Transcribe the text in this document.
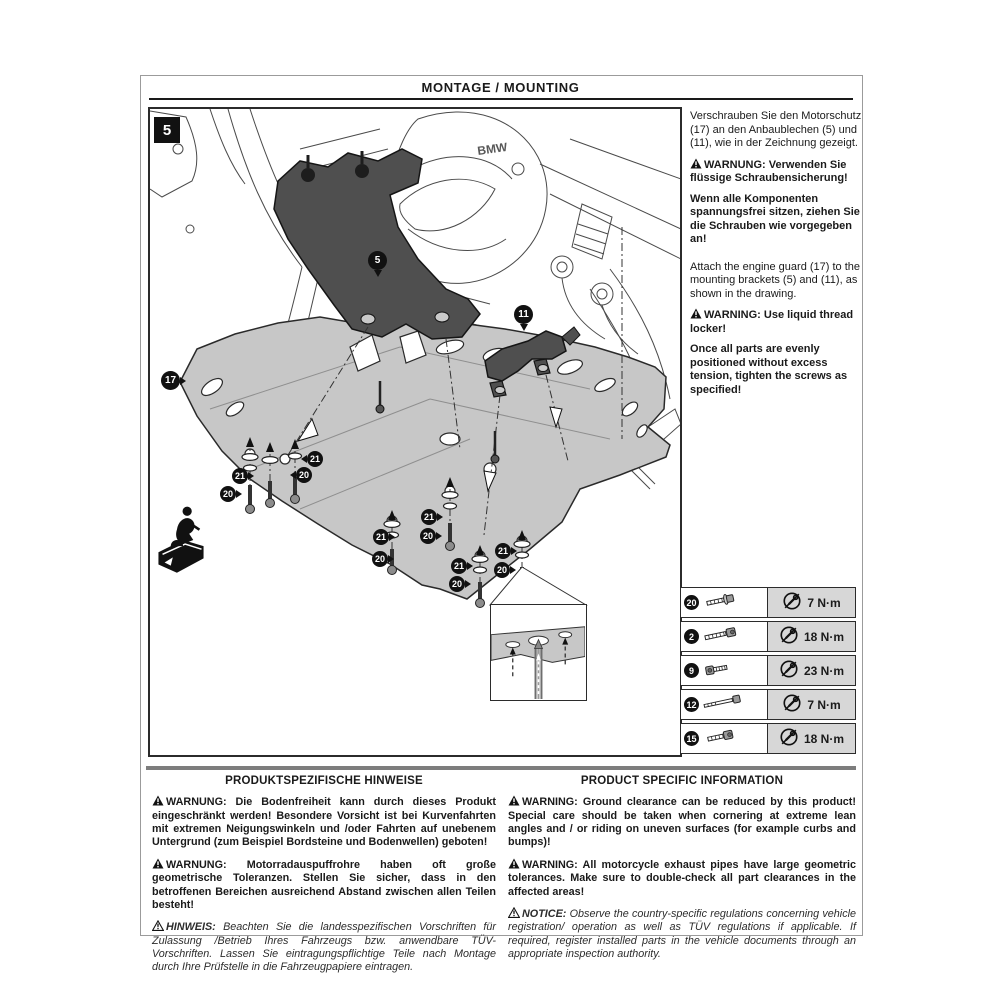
MONTAGE / MOUNTING
BMW
5
17
5
11
21
20
21
20
21
20
21
20
21
20
21
20

Verschrauben Sie den Motorschutz (17) an den Anbaublechen (5) und (11), wie in der Zeichnung gezeigt.

WARNUNG: Verwenden Sie flüssige Schraubensicherung!

Wenn alle Komponenten spannungsfrei sitzen, ziehen Sie die Schrauben wie vorgegeben an!

Attach the engine guard (17) to the mounting brackets (5) and (11), as shown in the drawing.

WARNING: Use liquid thread locker!

Once all parts are evenly positioned without excess tension, tighten the screws as specified!

20	7 N·m
2	18 N·m
9	23 N·m
12	7 N·m
15	18 N·m
PRODUKTSPEZIFISCHE HINWEISE

WARNUNG: Die Bodenfreiheit kann durch dieses Produkt eingeschränkt werden! Besondere Vorsicht ist bei Kurvenfahrten mit extremen Neigungswinkeln und /oder Fahrten auf unebenem Untergrund (zum Beispiel Bordsteine und Bodenwellen) geboten!

WARNUNG: Motorradauspuffrohre haben oft große geometrische Toleranzen. Stellen Sie sicher, dass in den betroffenen Bereichen ausreichend Abstand zwischen allen Teilen besteht!

HINWEIS: Beachten Sie die landesspezifischen Vorschriften für Zulassung /Betrieb Ihres Fahrzeugs bzw. anwendbare TÜV-Vorschriften. Lassen Sie eintragungspflichtige Teile nach Montage durch Ihre Prüfstelle in die Fahrzeugpapiere eintragen.

PRODUCT SPECIFIC INFORMATION

WARNING: Ground clearance can be reduced by this product! Special care should be taken when cornering at extreme lean angles and / or riding on uneven surfaces (for example curbs and bumps)!

WARNING: All motorcycle exhaust pipes have large geometric tolerances. Make sure to double-check all part clearances in the affected areas!

NOTICE: Observe the country-specific regulations concerning vehicle registration/ operation as well as TÜV regulations if applicable. If required, register installed parts in the vehicle documents through an appropriate inspection authority.
